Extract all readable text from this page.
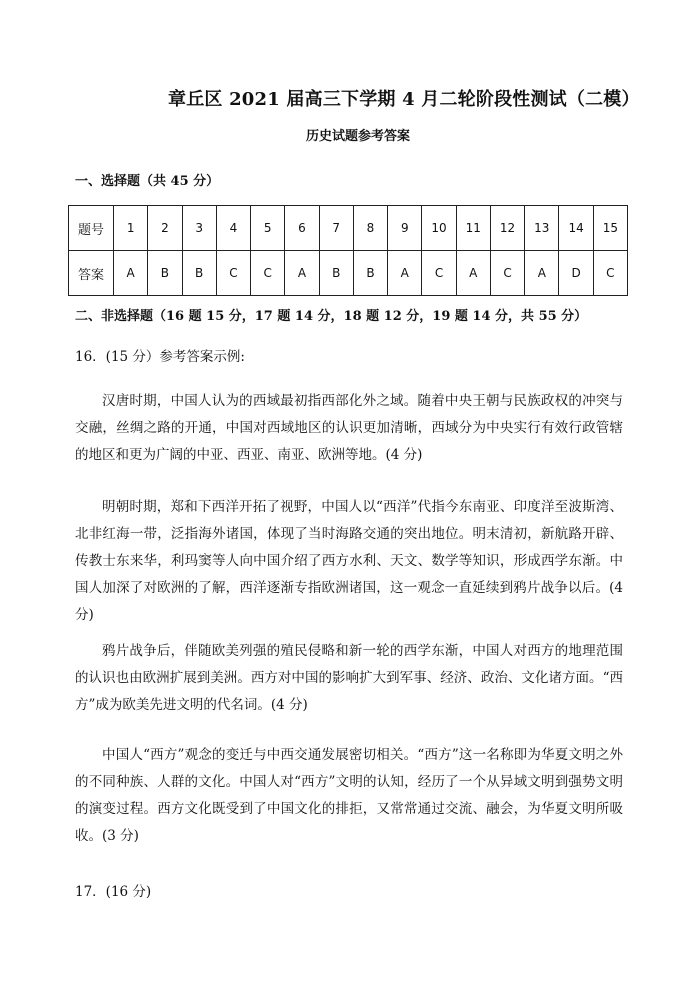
章丘区 2021 届高三下学期 4 月二轮阶段性测试（二模）
历史试题参考答案
一、选择题（共 45 分）
题号	1	2	3	4	5	6	7	8	9	10	11	12	13	14	15
答案	A	B	B	C	C	A	B	B	A	C	A	C	A	D	C
二、非选择题（16 题 15 分，17 题 14 分，18 题 12 分，19 题 14 分，共 55 分）
16．(15 分）参考答案示例:
汉唐时期，中国人认为的西域最初指西部化外之域。随着中央王朝与民族政权的冲突与交融，丝绸之路的开通，中国对西域地区的认识更加清晰，西域分为中央实行有效行政管辖的地区和更为广阔的中亚、西亚、南亚、欧洲等地。(4 分)
明朝时期，郑和下西洋开拓了视野，中国人以“西洋”代指今东南亚、印度洋至波斯湾、北非红海一带，泛指海外诸国，体现了当时海路交通的突出地位。明末清初，新航路开辟、传教士东来华，利玛窦等人向中国介绍了西方水利、天文、数学等知识，形成西学东渐。中国人加深了对欧洲的了解，西洋逐渐专指欧洲诸国，这一观念一直延续到鸦片战争以后。(4 分)
鸦片战争后，伴随欧美列强的殖民侵略和新一轮的西学东渐，中国人对西方的地理范围的认识也由欧洲扩展到美洲。西方对中国的影响扩大到军事、经济、政治、文化诸方面。“西方”成为欧美先进文明的代名词。(4 分)
中国人“西方”观念的变迁与中西交通发展密切相关。“西方”这一名称即为华夏文明之外的不同种族、人群的文化。中国人对“西方”文明的认知，经历了一个从异域文明到强势文明的演变过程。西方文化既受到了中国文化的排拒，又常常通过交流、融会，为华夏文明所吸收。(3 分)
17．(16 分)
